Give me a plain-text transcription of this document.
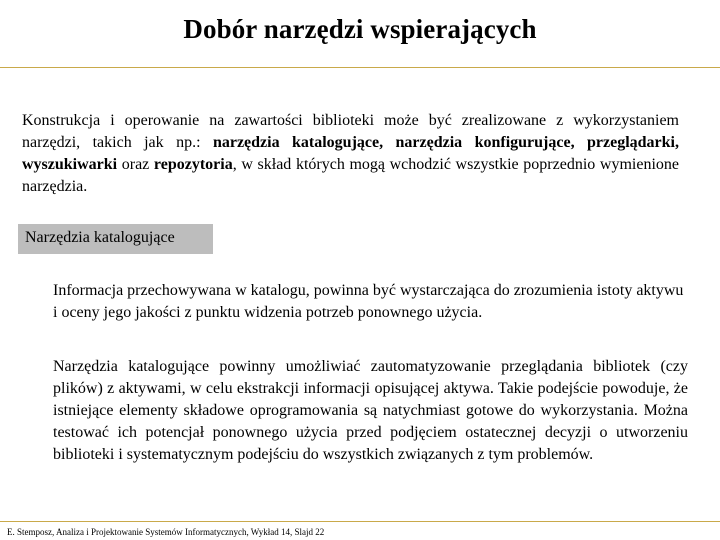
Dobór narzędzi wspierających
Konstrukcja i operowanie na zawartości biblioteki może być zrealizowane z wykorzystaniem narzędzi, takich jak np.: narzędzia katalogujące, narzędzia konfigurujące, przeglądarki, wyszukiwarki oraz repozytoria, w skład których mogą wchodzić wszystkie poprzednio wymienione narzędzia.
Narzędzia katalogujące
Informacja przechowywana w katalogu, powinna być wystarczająca do zrozumienia istoty aktywu i oceny jego jakości z punktu widzenia potrzeb ponownego użycia.
Narzędzia katalogujące powinny umożliwiać zautomatyzowanie przeglądania bibliotek (czy plików) z aktywami, w celu ekstrakcji informacji opisującej aktywa. Takie podejście powoduje, że istniejące elementy składowe oprogramowania są natychmiast gotowe do wykorzystania. Można testować ich potencjał ponownego użycia przed podjęciem ostatecznej decyzji o utworzeniu biblioteki i systematycznym podejściu do wszystkich związanych z tym problemów.
E. Stemposz, Analiza i Projektowanie Systemów Informatycznych, Wykład 14, Slajd 22
